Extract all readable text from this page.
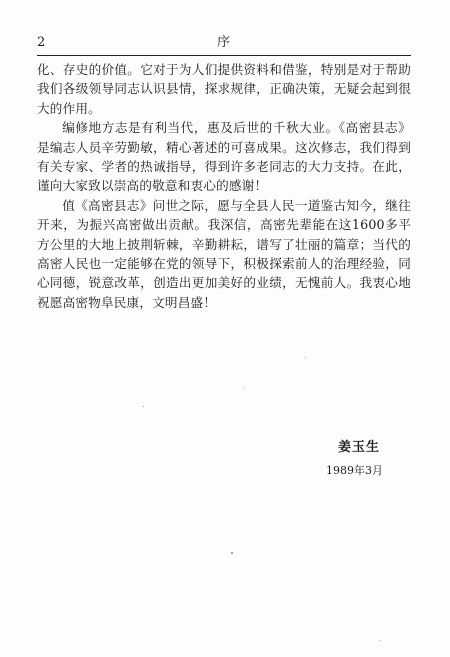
2	序

化、存史的价值。它对于为人们提供资料和借鉴，特别是对于帮助我们各级领导同志认识县情，探求规律，正确决策，无疑会起到很大的作用。

编修地方志是有利当代，惠及后世的千秋大业。《高密县志》是编志人员辛劳勤敏，精心著述的可喜成果。这次修志，我们得到有关专家、学者的热诚指导，得到许多老同志的大力支持。在此，谨向大家致以崇高的敬意和衷心的感谢！

值《高密县志》问世之际，愿与全县人民一道鉴古知今，继往开来，为振兴高密做出贡献。我深信，高密先辈能在这1600多平方公里的大地上披荆斩棘，辛勤耕耘，谱写了壮丽的篇章；当代的高密人民也一定能够在党的领导下，积极探索前人的治理经验，同心同德，锐意改革，创造出更加美好的业绩，无愧前人。我衷心地祝愿高密物阜民康，文明昌盛！

姜玉生
1989年3月
